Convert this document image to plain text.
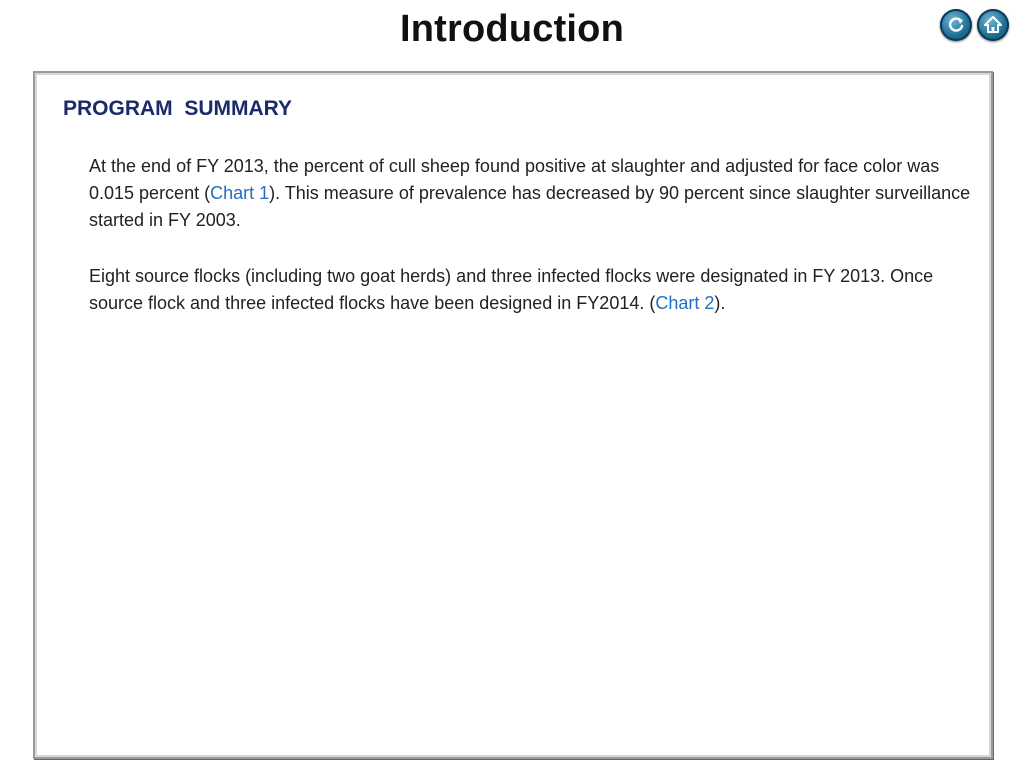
Introduction
PROGRAM  SUMMARY

At the end of FY 2013, the percent of cull sheep found positive at slaughter and adjusted for face color was 0.015 percent (Chart 1). This measure of prevalence has decreased by 90 percent since slaughter surveillance started in FY 2003.

Eight source flocks (including two goat herds) and three infected flocks were designated in FY 2013. Once source flock and three infected flocks have been designed in FY2014. (Chart 2).
